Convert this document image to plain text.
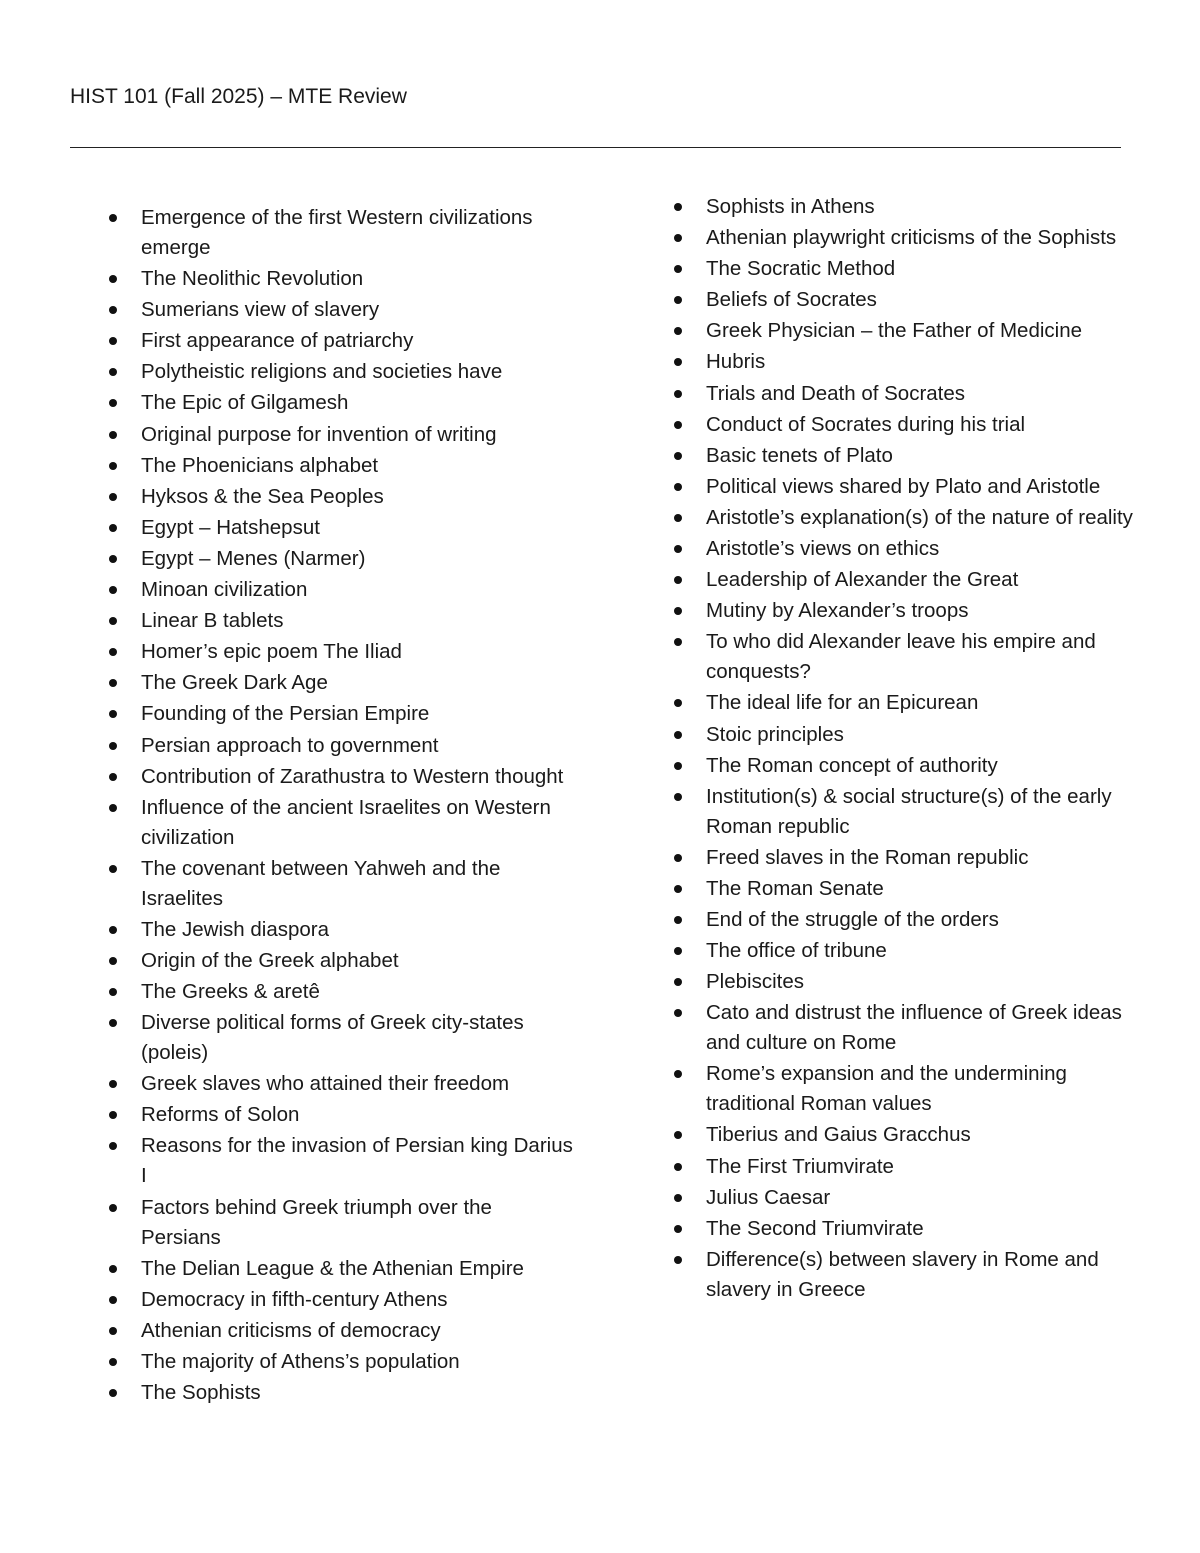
HIST 101 (Fall 2025) – MTE Review
Emergence of the first Western civilizations emerge
The Neolithic Revolution
Sumerians view of slavery
First appearance of patriarchy
Polytheistic religions and societies have
The Epic of Gilgamesh
Original purpose for invention of writing
The Phoenicians alphabet
Hyksos & the Sea Peoples
Egypt – Hatshepsut
Egypt – Menes (Narmer)
Minoan civilization
Linear B tablets
Homer’s epic poem The Iliad
The Greek Dark Age
Founding of the Persian Empire
Persian approach to government
Contribution of Zarathustra to Western thought
Influence of the ancient Israelites on Western civilization
The covenant between Yahweh and the Israelites
The Jewish diaspora
Origin of the Greek alphabet
The Greeks & aretê
Diverse political forms of Greek city-states (poleis)
Greek slaves who attained their freedom
Reforms of Solon
Reasons for the invasion of Persian king Darius I
Factors behind Greek triumph over the Persians
The Delian League & the Athenian Empire
Democracy in fifth-century Athens
Athenian criticisms of democracy
The majority of Athens’s population
The Sophists
Sophists in Athens
Athenian playwright criticisms of the Sophists
The Socratic Method
Beliefs of Socrates
Greek Physician – the Father of Medicine
Hubris
Trials and Death of Socrates
Conduct of Socrates during his trial
Basic tenets of Plato
Political views shared by Plato and Aristotle
Aristotle’s explanation(s) of the nature of reality
Aristotle’s views on ethics
Leadership of Alexander the Great
Mutiny by Alexander’s troops
To who did Alexander leave his empire and conquests?
The ideal life for an Epicurean
Stoic principles
The Roman concept of authority
Institution(s) & social structure(s) of the early Roman republic
Freed slaves in the Roman republic
The Roman Senate
End of the struggle of the orders
The office of tribune
Plebiscites
Cato and distrust the influence of Greek ideas and culture on Rome
Rome’s expansion and the undermining traditional Roman values
Tiberius and Gaius Gracchus
The First Triumvirate
Julius Caesar
The Second Triumvirate
Difference(s) between slavery in Rome and slavery in Greece
